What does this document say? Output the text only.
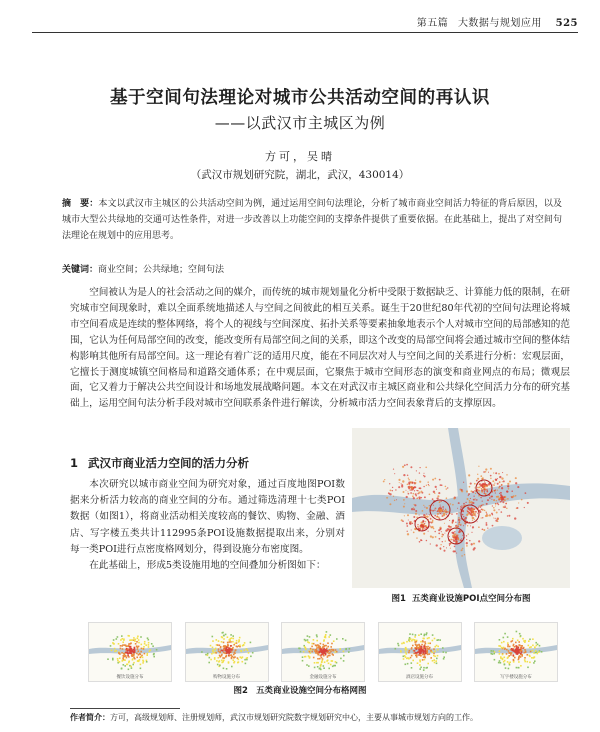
第五篇 大数据与规划应用 525
基于空间句法理论对城市公共活动空间的再认识
——以武汉市主城区为例
方可，吴晴
（武汉市规划研究院，湖北，武汉，430014）
摘　要：本文以武汉市主城区的公共活动空间为例，通过运用空间句法理论，分析了城市商业空间活力特征的背后原因，以及城市大型公共绿地的交通可达性条件，对进一步改善以上功能空间的支撑条件提供了重要依据。在此基础上，提出了对空间句法理论在规划中的应用思考。
关键词：商业空间；公共绿地；空间句法
空间被认为是人的社会活动之间的媒介，而传统的城市规划量化分析中受限于数据缺乏、计算能力低的限制，在研究城市空间现象时，难以全面系统地描述人与空间之间彼此的相互关系。诞生于20世纪80年代初的空间句法理论将城市空间看成是连续的整体网络，将个人的视线与空间深度、拓扑关系等要素抽象地表示个人对城市空间的局部感知的范围，它认为任何局部空间的改变，能改变所有局部空间之间的关系，即这个改变的局部空间将会通过城市空间的整体结构影响其他所有局部空间。这一理论有着广泛的适用尺度，能在不同层次对人与空间之间的关系进行分析：宏观层面，它擅长于测度城镇空间格局和道路交通体系；在中观层面，它聚焦于城市空间形态的演变和商业网点的布局；微观层面，它又着力于解决公共空间设计和场地发展战略问题。本文在对武汉市主城区商业和公共绿化空间活力分布的研究基础上，运用空间句法分析手段对城市空间联系条件进行解读，分析城市活力空间表象背后的支撑原因。
1 武汉市商业活力空间的活力分析

本次研究以城市商业空间为研究对象，通过百度地图POI数据来分析活力较高的商业空间的分布。通过筛选清理十七类POI数据（如图1），将商业活动相关度较高的餐饮、购物、金融、酒店、写字楼五类共计112995条POI设施数据提取出来，分别对每一类POI进行点密度格网划分，得到设施分布密度图。

在此基础上，形成5类设施用地的空间叠加分析图如下：

图1 五类商业设施POI点空间分布图
餐饮设施分布	购物设施分布	金融设施分布	酒店设施分布	写字楼设施分布
图2 五类商业设施空间分布格网图
作者简介：方可，高级规划师、注册规划师，武汉市规划研究院数字规划研究中心，主要从事城市规划方向的工作。
